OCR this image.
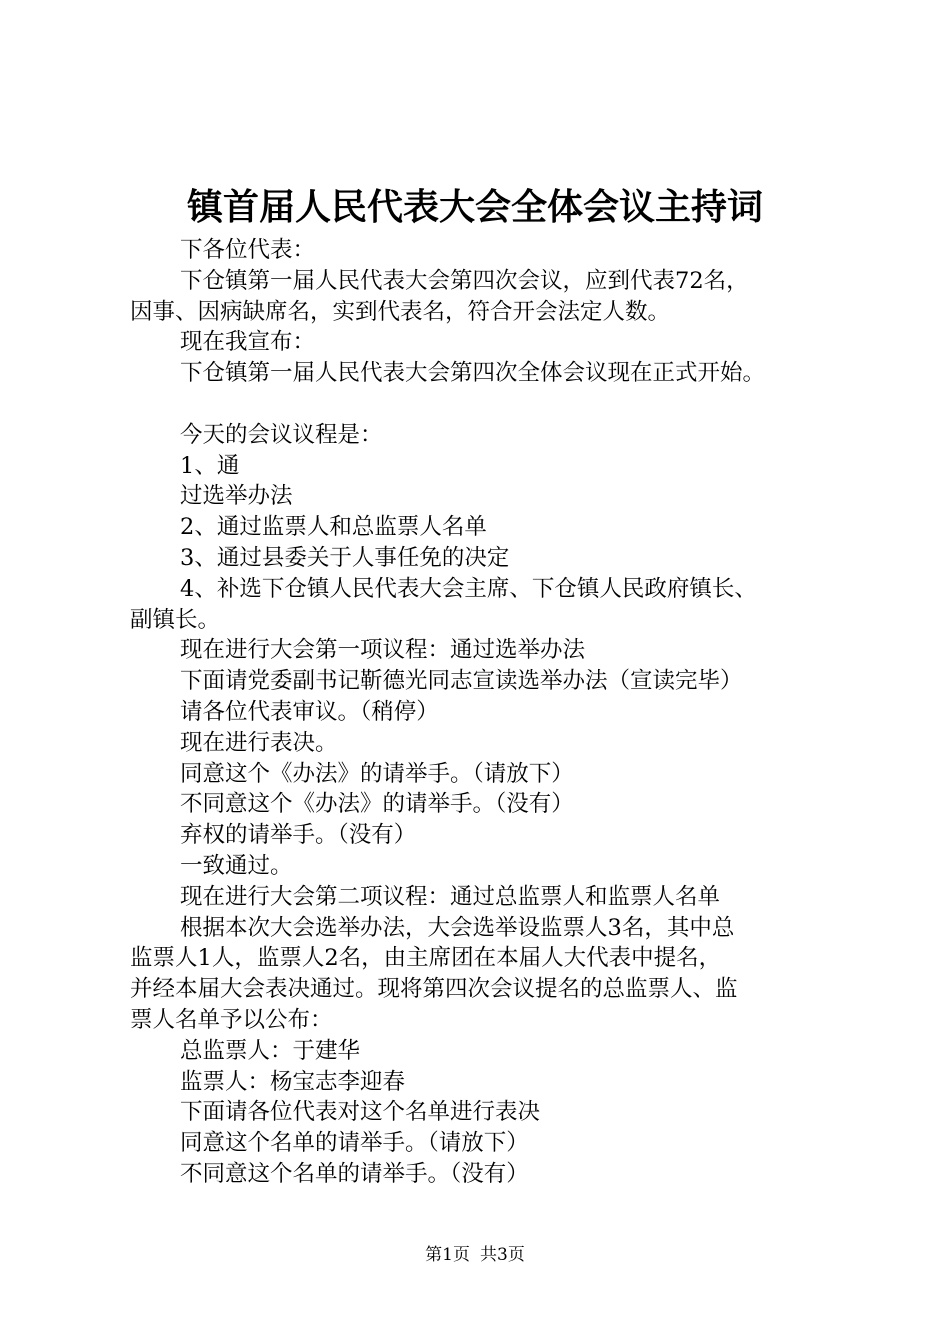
镇首届人民代表大会全体会议主持词
下各位代表：
下仓镇第一届人民代表大会第四次会议，应到代表72名，
因事、因病缺席名，实到代表名，符合开会法定人数。
现在我宣布：
下仓镇第一届人民代表大会第四次全体会议现在正式开始。
今天的会议议程是：
1、通
过选举办法
2、通过监票人和总监票人名单
3、通过县委关于人事任免的决定
4、补选下仓镇人民代表大会主席、下仓镇人民政府镇长、
副镇长。
现在进行大会第一项议程：通过选举办法
下面请党委副书记靳德光同志宣读选举办法（宣读完毕）
请各位代表审议。（稍停）
现在进行表决。
同意这个《办法》的请举手。（请放下）
不同意这个《办法》的请举手。（没有）
弃权的请举手。（没有）
一致通过。
现在进行大会第二项议程：通过总监票人和监票人名单
根据本次大会选举办法，大会选举设监票人3名，其中总
监票人1人，监票人2名，由主席团在本届人大代表中提名，
并经本届大会表决通过。现将第四次会议提名的总监票人、监
票人名单予以公布：
总监票人：于建华
监票人：杨宝志李迎春
下面请各位代表对这个名单进行表决
同意这个名单的请举手。（请放下）
不同意这个名单的请举手。（没有）
第1页 共3页
